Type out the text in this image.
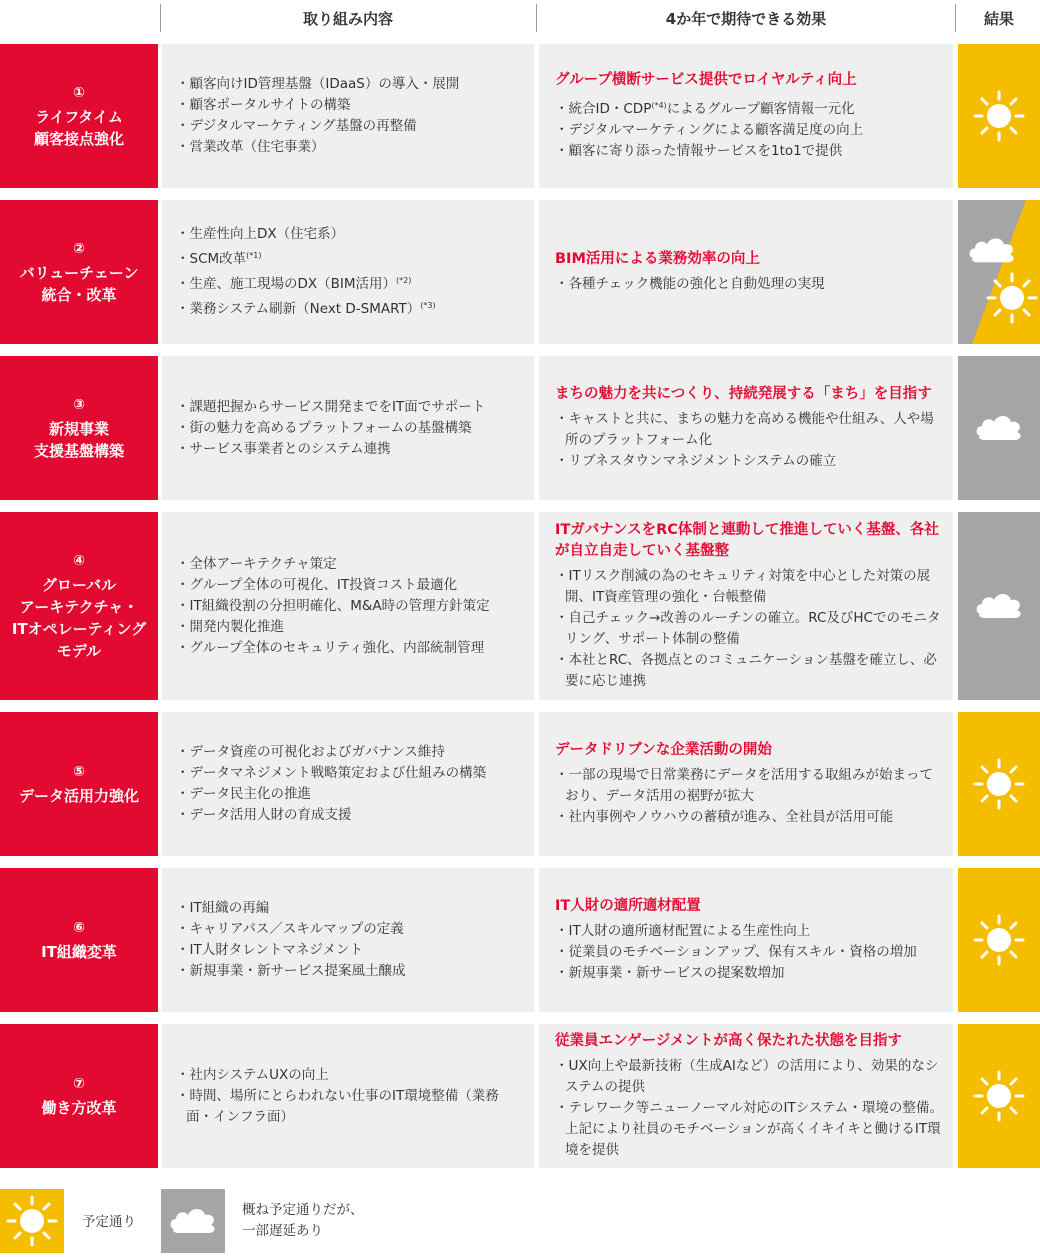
取り組み内容	4か年で期待できる効果	結果
①
ライフタイム
顧客接点強化
・顧客向けID管理基盤（IDaaS）の導入・展開
・顧客ポータルサイトの構築
・デジタルマーケティング基盤の再整備
・営業改革（住宅事業）
グループ横断サービス提供でロイヤルティ向上
・統合ID・$CDP^{(*4)}$によるグループ顧客情報一元化
・デジタルマーケティングによる顧客満足度の向上
・顧客に寄り添った情報サービスを1to1で提供
②
バリューチェーン
統合・改革
・生産性向上DX（住宅系）
・SCM改革$^{(*1)}$
・生産、施工現場のDX（BIM活用）$^{(*2)}$
・業務システム刷新（Next D-SMART）$^{(*3)}$
BIM活用による業務効率の向上
・各種チェック機能の強化と自動処理の実現
③
新規事業
支援基盤構築
・課題把握からサービス開発までをIT面でサポート
・街の魅力を高めるプラットフォームの基盤構築
・サービス事業者とのシステム連携
まちの魅力を共につくり、持続発展する「まち」を目指す
・キャストと共に、まちの魅力を高める機能や仕組み、人や場所のプラットフォーム化
・リブネスタウンマネジメントシステムの確立
④
グローバル
アーキテクチャ・
ITオペレーティング
モデル
・全体アーキテクチャ策定
・グループ全体の可視化、IT投資コスト最適化
・IT組織役割の分担明確化、M&A時の管理方針策定
・開発内製化推進
・グループ全体のセキュリティ強化、内部統制管理
ITガバナンスをRC体制と連動して推進していく基盤、各社が自立自走していく基盤整
・ITリスク削減の為のセキュリティ対策を中心とした対策の展開、IT資産管理の強化・台帳整備
・自己チェック→改善のルーチンの確立。RC及びHCでのモニタリング、サポート体制の整備
・本社とRC、各拠点とのコミュニケーション基盤を確立し、必要に応じ連携
⑤
データ活用力強化
・データ資産の可視化およびガバナンス維持
・データマネジメント戦略策定および仕組みの構築
・データ民主化の推進
・データ活用人財の育成支援
データドリブンな企業活動の開始
・一部の現場で日常業務にデータを活用する取組みが始まっており、データ活用の裾野が拡大
・社内事例やノウハウの蓄積が進み、全社員が活用可能
⑥
IT組織変革
・IT組織の再編
・キャリアパス／スキルマップの定義
・IT人財タレントマネジメント
・新規事業・新サービス提案風土醸成
IT人財の適所適材配置
・IT人財の適所適材配置による生産性向上
・従業員のモチベーションアップ、保有スキル・資格の増加
・新規事業・新サービスの提案数増加
⑦
働き方改革
・社内システムUXの向上
・時間、場所にとらわれない仕事のIT環境整備（業務面・インフラ面）
従業員エンゲージメントが高く保たれた状態を目指す
・UX向上や最新技術（生成AIなど）の活用により、効果的なシステムの提供
・テレワーク等ニューノーマル対応のITシステム・環境の整備。上記により社員のモチベーションが高くイキイキと働けるIT環境を提供
予定通り
概ね予定通りだが、
一部遅延あり
